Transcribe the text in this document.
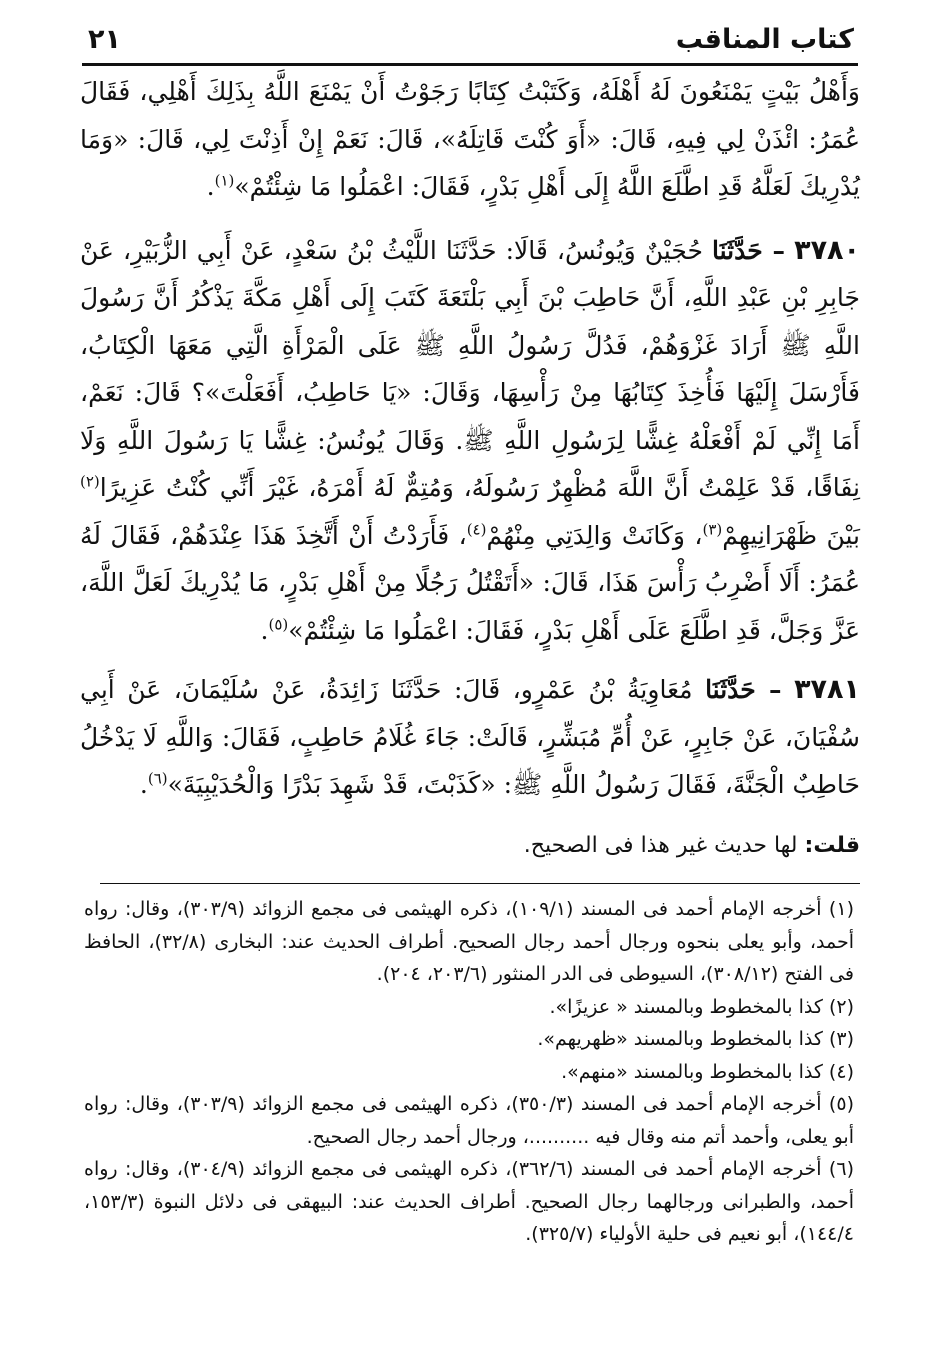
كتاب المناقب
٢١

وَأَهْلُ بَيْتٍ يَمْنَعُونَ لَهُ أَهْلَهُ، وَكَتَبْتُ كِتَابًا رَجَوْتُ أَنْ يَمْنَعَ اللَّهُ بِذَلِكَ أَهْلِي، فَقَالَ عُمَرُ: ائْذَنْ لِي فِيهِ، قَالَ: «أَوَ كُنْتَ قَاتِلَهُ»، قَالَ: نَعَمْ إِنْ أَذِنْتَ لِي، قَالَ: «وَمَا يُدْرِيكَ لَعَلَّهُ قَدِ اطَّلَعَ اللَّهُ إِلَى أَهْلِ بَدْرٍ، فَقَالَ: اعْمَلُوا مَا شِئْتُمْ»$^{(١)}$.

٣٧٨٠ – حَدَّثَنَا حُجَيْنٌ وَيُونُسُ، قَالَا: حَدَّثَنَا اللَّيْثُ بْنُ سَعْدٍ، عَنْ أَبِي الزُّبَيْرِ، عَنْ جَابِرِ بْنِ عَبْدِ اللَّهِ، أَنَّ حَاطِبَ بْنَ أَبِي بَلْتَعَةَ كَتَبَ إِلَى أَهْلِ مَكَّةَ يَذْكُرُ أَنَّ رَسُولَ اللَّهِ ﷺ أَرَادَ غَزْوَهُمْ، فَدُلَّ رَسُولُ اللَّهِ ﷺ عَلَى الْمَرْأَةِ الَّتِي مَعَهَا الْكِتَابُ، فَأَرْسَلَ إِلَيْهَا فَأُخِذَ كِتَابُهَا مِنْ رَأْسِهَا، وَقَالَ: «يَا حَاطِبُ، أَفَعَلْتَ»؟ قَالَ: نَعَمْ، أَمَا إِنِّي لَمْ أَفْعَلْهُ غِشًّا لِرَسُولِ اللَّهِ ﷺ. وَقَالَ يُونُسُ: غِشًّا يَا رَسُولَ اللَّهِ وَلَا نِفَاقًا، قَدْ عَلِمْتُ أَنَّ اللَّهَ مُظْهِرٌ رَسُولَهُ، وَمُتِمٌّ لَهُ أَمْرَهُ، غَيْرَ أَنِّي كُنْتُ عَزِيرًا$^{(٢)}$ بَيْنَ ظَهْرَانِيهِمْ$^{(٣)}$، وَكَانَتْ وَالِدَتِي مِنْهُمْ$^{(٤)}$، فَأَرَدْتُ أَنْ أَتَّخِذَ هَذَا عِنْدَهُمْ، فَقَالَ لَهُ عُمَرُ: أَلَا أَضْرِبُ رَأْسَ هَذَا، قَالَ: «أَتَقْتُلُ رَجُلًا مِنْ أَهْلِ بَدْرٍ، مَا يُدْرِيكَ لَعَلَّ اللَّهَ، عَزَّ وَجَلَّ، قَدِ اطَّلَعَ عَلَى أَهْلِ بَدْرٍ، فَقَالَ: اعْمَلُوا مَا شِئْتُمْ»$^{(٥)}$.

٣٧٨١ – حَدَّثَنَا مُعَاوِيَةُ بْنُ عَمْرٍو، قَالَ: حَدَّثَنَا زَائِدَةُ، عَنْ سُلَيْمَانَ، عَنْ أَبِي سُفْيَانَ، عَنْ جَابِرٍ، عَنْ أُمِّ مُبَشِّرٍ، قَالَتْ: جَاءَ غُلَامُ حَاطِبٍ، فَقَالَ: وَاللَّهِ لَا يَدْخُلُ حَاطِبٌ الْجَنَّةَ، فَقَالَ رَسُولُ اللَّهِ ﷺ: «كَذَبْتَ، قَدْ شَهِدَ بَدْرًا وَالْحُدَيْبِيَةَ»$^{(٦)}$.

قلت: لها حديث غير هذا فى الصحيح.

(١) أخرجه الإمام أحمد فى المسند (١٠٩/١)، ذكره الهيثمى فى مجمع الزوائد (٣٠٣/٩)، وقال: رواه أحمد، وأبو يعلى بنحوه ورجال أحمد رجال الصحيح. أطراف الحديث عند: البخارى (٣٢/٨)، الحافظ فى الفتح (٣٠٨/١٢)، السيوطى فى الدر المنثور (٢٠٣/٦، ٢٠٤).

(٢) كذا بالمخطوط وبالمسند « عزيزًا».

(٣) كذا بالمخطوط وبالمسند «ظهريهم».

(٤) كذا بالمخطوط وبالمسند «منهم».

(٥) أخرجه الإمام أحمد فى المسند (٣٥٠/٣)، ذكره الهيثمى فى مجمع الزوائد (٣٠٣/٩)، وقال: رواه أبو يعلى، وأحمد أتم منه وقال فيه ..........، ورجال أحمد رجال الصحيح.

(٦) أخرجه الإمام أحمد فى المسند (٣٦٢/٦)، ذكره الهيثمى فى مجمع الزوائد (٣٠٤/٩)، وقال: رواه أحمد، والطبرانى ورجالهما رجال الصحيح. أطراف الحديث عند: البيهقى فى دلائل النبوة (١٥٣/٣، ١٤٤/٤)، أبو نعيم فى حلية الأولياء (٣٢٥/٧).
